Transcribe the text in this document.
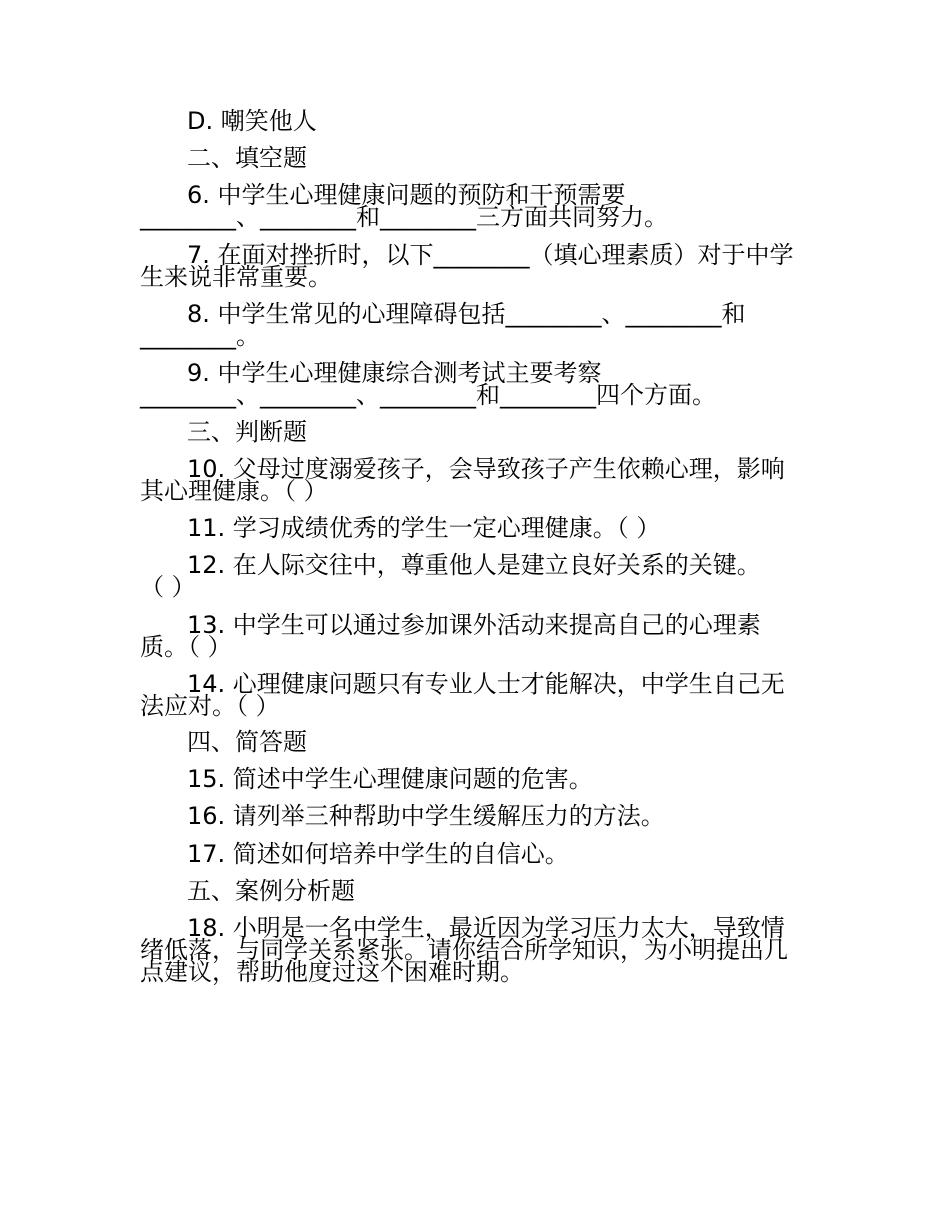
D. 嘲笑他人
二、填空题
6. 中学生心理健康问题的预防和干预需要
________、________和________三方面共同努力。
7. 在面对挫折时，以下________（填心理素质）对于中学
生来说非常重要。
8. 中学生常见的心理障碍包括________、________和
________。
9. 中学生心理健康综合测考试主要考察
________、________、________和________四个方面。
三、判断题
10. 父母过度溺爱孩子，会导致孩子产生依赖心理，影响
其心理健康。（ ）
11. 学习成绩优秀的学生一定心理健康。（ ）
12. 在人际交往中，尊重他人是建立良好关系的关键。
（ ）
13. 中学生可以通过参加课外活动来提高自己的心理素
质。（ ）
14. 心理健康问题只有专业人士才能解决，中学生自己无
法应对。（ ）
四、简答题
15. 简述中学生心理健康问题的危害。
16. 请列举三种帮助中学生缓解压力的方法。
17. 简述如何培养中学生的自信心。
五、案例分析题
18. 小明是一名中学生，最近因为学习压力太大，导致情
绪低落，与同学关系紧张。请你结合所学知识，为小明提出几
点建议，帮助他度过这个困难时期。
